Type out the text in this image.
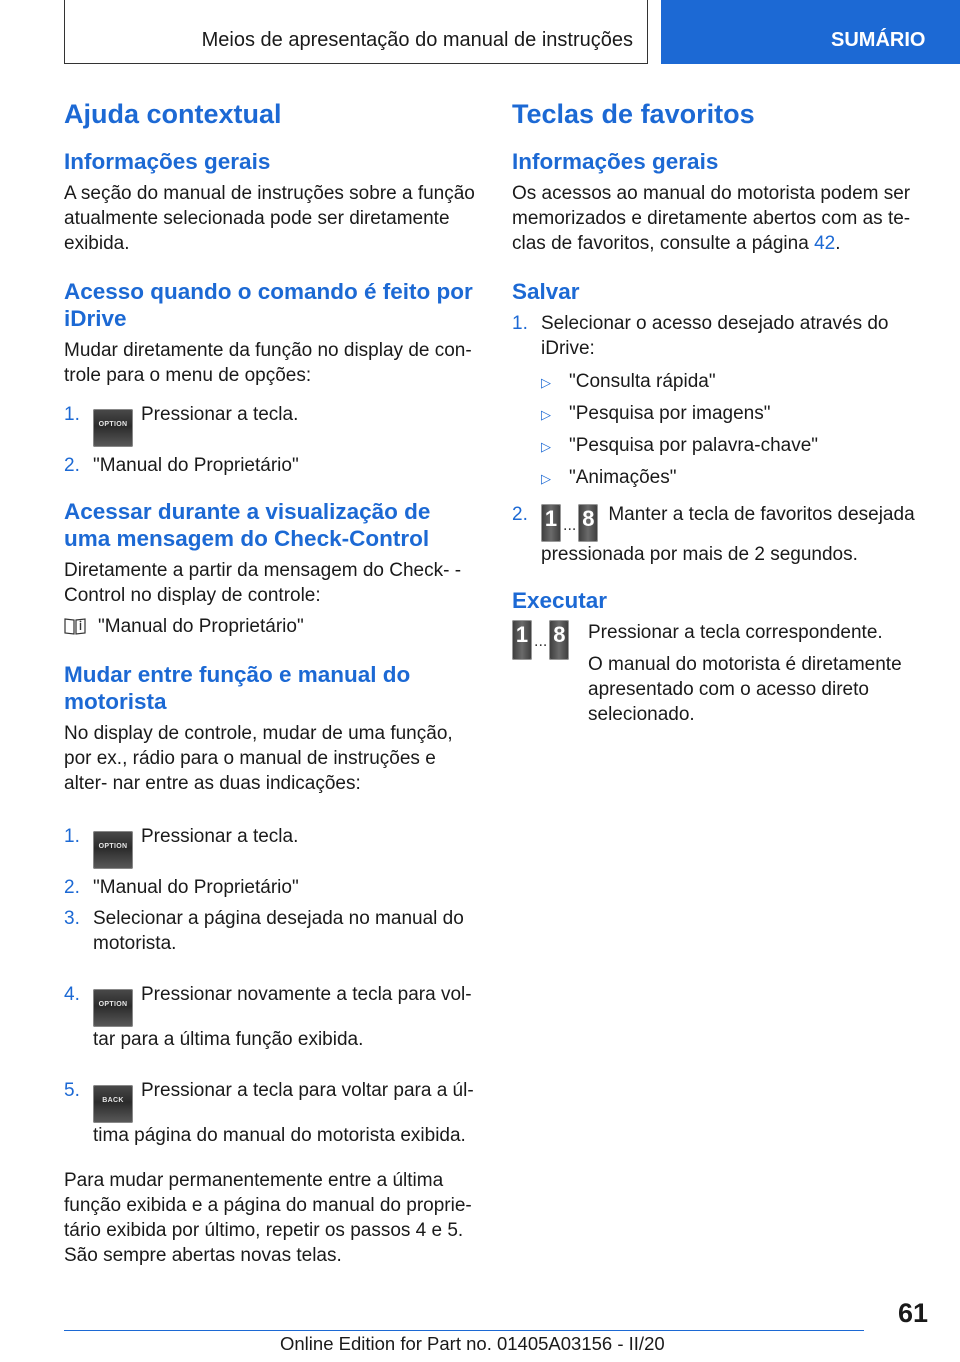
Meios de apresentação do manual de instruções	SUMÁRIO
Ajuda contextual
Informações gerais

A seção do manual de instruções sobre a função atualmente selecionada pode ser diretamente exibida.

Acesso quando o comando é feito por iDrive

Mudar diretamente da função no display de con- trole para o menu de opções:

1.	OPTION Pressionar a tecla.
2. "Manual do Proprietário"
Acessar durante a visualização de uma mensagem do Check-Control

Diretamente a partir da mensagem do Check- -Control no display de controle:

"Manual do Proprietário"
Mudar entre função e manual do motorista

No display de controle, mudar de uma função, por ex., rádio para o manual de instruções e alter- nar entre as duas indicações:

1.	OPTION Pressionar a tecla.
2. "Manual do Proprietário"
3. Selecionar a página desejada no manual do motorista.
4.	OPTION Pressionar novamente a tecla para vol- tar para a última função exibida.
5.	BACK Pressionar a tecla para voltar para a úl- tima página do manual do motorista exibida.

Para mudar permanentemente entre a última função exibida e a página do manual do proprie- tário exibida por último, repetir os passos 4 e 5. São sempre abertas novas telas.

Teclas de favoritos
Informações gerais

Os acessos ao manual do motorista podem ser memorizados e diretamente abertos com as te- clas de favoritos, consulte a página 42.

Salvar
1. Selecionar o acesso desejado através do iDrive:
▷ "Consulta rápida"
▷ "Pesquisa por imagens"
▷ "Pesquisa por palavra-chave"
▷ "Animações"
2. 1 ... 8 Manter a tecla de favoritos desejada pressionada por mais de 2 segundos.
Executar
1 ... 8	Pressionar a tecla correspondente.
O manual do motorista é diretamente apresentado com o acesso direto selecionado.
61
Online Edition for Part no. 01405A03156 - II/20
